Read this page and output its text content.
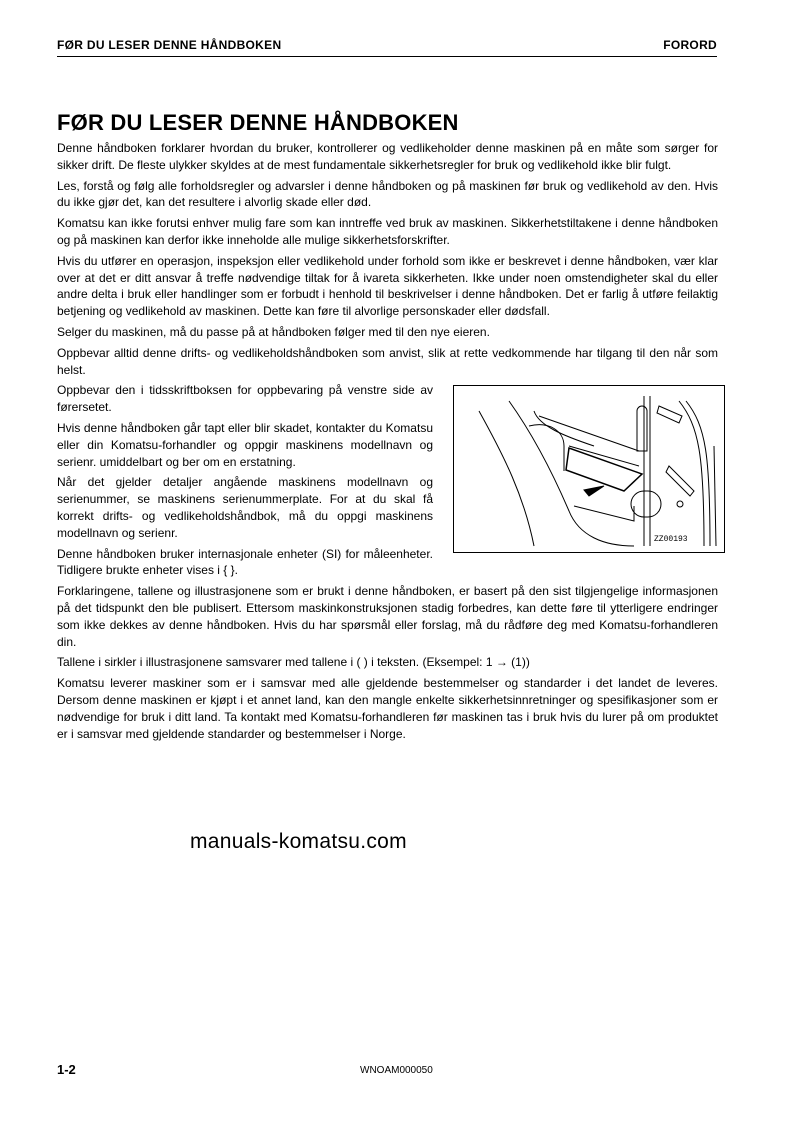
FØR DU LESER DENNE HÅNDBOKEN	FORORD
FØR DU LESER DENNE HÅNDBOKEN

Denne håndboken forklarer hvordan du bruker, kontrollerer og vedlikeholder denne maskinen på en måte som sørger for sikker drift. De fleste ulykker skyldes at de mest fundamentale sikkerhetsregler for bruk og vedlikehold ikke blir fulgt.

Les, forstå og følg alle forholdsregler og advarsler i denne håndboken og på maskinen før bruk og vedlikehold av den. Hvis du ikke gjør det, kan det resultere i alvorlig skade eller død.

Komatsu kan ikke forutsi enhver mulig fare som kan inntreffe ved bruk av maskinen. Sikkerhetstiltakene i denne håndboken og på maskinen kan derfor ikke inneholde alle mulige sikkerhetsforskrifter.

Hvis du utfører en operasjon, inspeksjon eller vedlikehold under forhold som ikke er beskrevet i denne håndboken, vær klar over at det er ditt ansvar å treffe nødvendige tiltak for å ivareta sikkerheten. Ikke under noen omstendigheter skal du eller andre delta i bruk eller handlinger som er forbudt i henhold til beskrivelser i denne håndboken. Det er farlig å utføre feilaktig betjening og vedlikehold av maskinen. Dette kan føre til alvorlige personskader eller dødsfall.

Selger du maskinen, må du passe på at håndboken følger med til den nye eieren.

Oppbevar alltid denne drifts- og vedlikeholdshåndboken som anvist, slik at rette vedkommende har tilgang til den når som helst.

Oppbevar den i tidsskriftboksen for oppbevaring på venstre side av førersetet.

Hvis denne håndboken går tapt eller blir skadet, kontakter du Komatsu eller din Komatsu-forhandler og oppgir maskinens modellnavn og serienr. umiddelbart og ber om en erstatning.

Når det gjelder detaljer angående maskinens modellnavn og serienummer, se maskinens serienummerplate. For at du skal få korrekt drifts- og vedlikeholdshåndbok, må du oppgi maskinens modellnavn og serienr.

Denne håndboken bruker internasjonale enheter (SI) for måleenheter. Tidligere brukte enheter vises i { }.

ZZ00193

Forklaringene, tallene og illustrasjonene som er brukt i denne håndboken, er basert på den sist tilgjengelige informasjonen på det tidspunkt den ble publisert. Ettersom maskinkonstruksjonen stadig forbedres, kan dette føre til ytterligere endringer som ikke dekkes av denne håndboken. Hvis du har spørsmål eller forslag, må du rådføre deg med Komatsu-forhandleren din.

Tallene i sirkler i illustrasjonene samsvarer med tallene i ( ) i teksten. (Eksempel: 1 → (1))

Komatsu leverer maskiner som er i samsvar med alle gjeldende bestemmelser og standarder i det landet de leveres. Dersom denne maskinen er kjøpt i et annet land, kan den mangle enkelte sikkerhetsinnretninger og spesifikasjoner som er nødvendige for bruk i ditt land. Ta kontakt med Komatsu-forhandleren før maskinen tas i bruk hvis du lurer på om produktet er i samsvar med gjeldende standarder og bestemmelser i Norge.

manuals-komatsu.com
1-2	WNOAM000050
